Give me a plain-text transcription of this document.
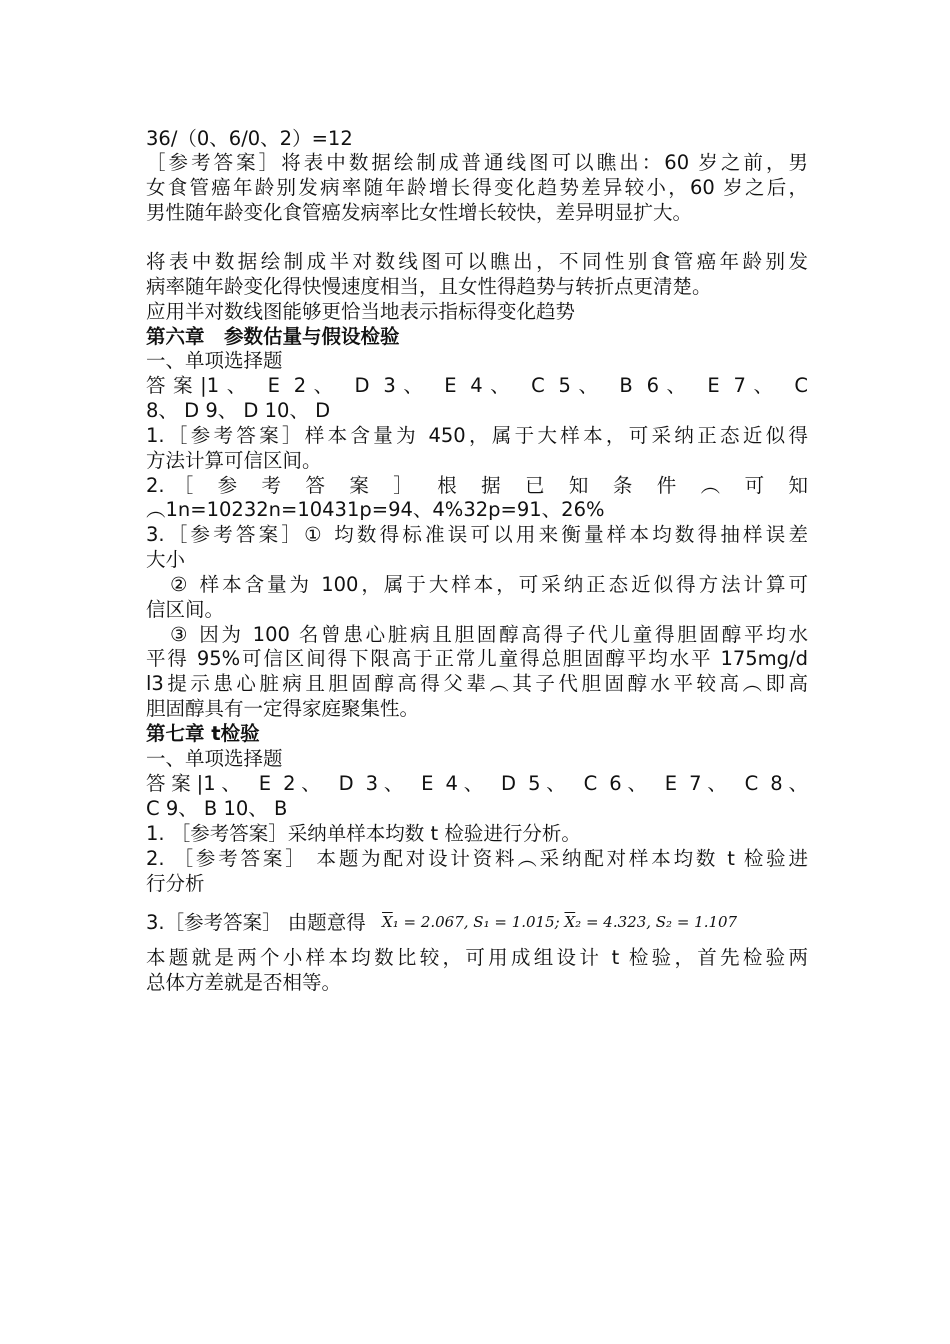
36/（0、6/0、2）=12
［参考答案］将表中数据绘制成普通线图可以瞧出：60 岁之前，男
女食管癌年龄别发病率随年龄增长得变化趋势差异较小，60 岁之后，
男性随年龄变化食管癌发病率比女性增长较快，差异明显扩大。
将表中数据绘制成半对数线图可以瞧出，不同性别食管癌年龄别发
病率随年龄变化得快慢速度相当，且女性得趋势与转折点更清楚。
应用半对数线图能够更恰当地表示指标得变化趋势
第六章　参数估量与假设检验
一、单项选择题
答案|1、 E 2、 D 3、 E 4、 C 5、 B 6、 E 7、 C
8、 D 9、 D 10、 D
1.［参考答案］样本含量为 450，属于大样本，可采纳正态近似得
方法计算可信区间。
2.［ 参 考 答 案 ］ 根 据 已 知 条 件 ︵ 可 知
︵1n=10232n=10431p=94、4%32p=91、26%
3.［参考答案］① 均数得标准误可以用来衡量样本均数得抽样误差
大小
② 样本含量为 100，属于大样本，可采纳正态近似得方法计算可
信区间。
③ 因为 100 名曾患心脏病且胆固醇高得子代儿童得胆固醇平均水
平得 95%可信区间得下限高于正常儿童得总胆固醇平均水平 175mg/d
l3提示患心脏病且胆固醇高得父辈︵其子代胆固醇水平较高︵即高
胆固醇具有一定得家庭聚集性。
第七章 t检验
一、单项选择题
答案|1、 E 2、 D 3、 E 4、 D 5、 C 6、 E 7、 C 8、
C 9、 B 10、 B
1. ［参考答案］采纳单样本均数 t 检验进行分析。
2. ［参考答案］ 本题为配对设计资料︵采纳配对样本均数 t 检验进
行分析
3.［参考答案］ 由题意得 $\overline{X}_1 = 2.067$, S₁ = 1.015; $\overline{X}_2 = 4.323$, S₂ = 1.107
本题就是两个小样本均数比较，可用成组设计 t 检验，首先检验两
总体方差就是否相等。
